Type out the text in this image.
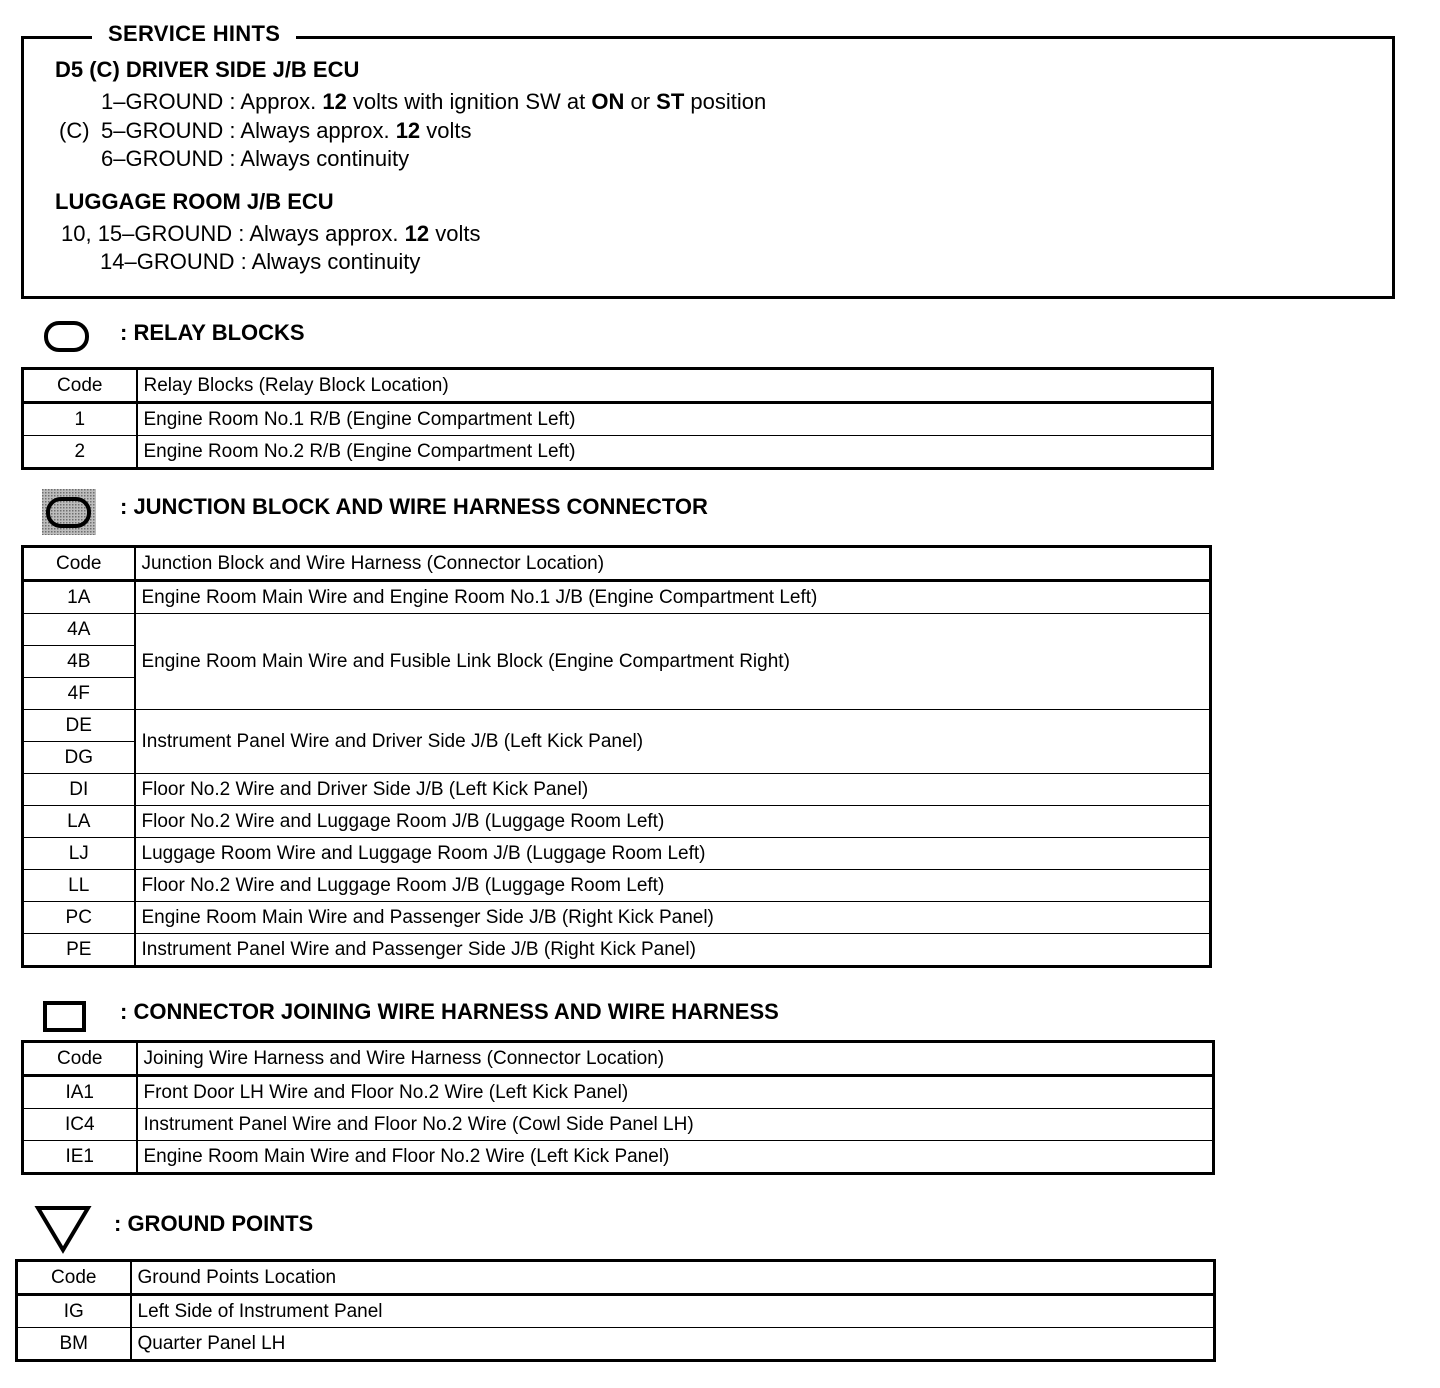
SERVICE HINTS
D5 (C) DRIVER SIDE J/B ECU
1–GROUND : Approx. 12 volts with ignition SW at ON or ST position
(C) 5–GROUND : Always approx. 12 volts
6–GROUND : Always continuity
LUGGAGE ROOM J/B ECU
10, 15–GROUND : Always approx. 12 volts
14–GROUND : Always continuity
: RELAY BLOCKS
Code	Relay Blocks (Relay Block Location)
1	Engine Room No.1 R/B (Engine Compartment Left)
2	Engine Room No.2 R/B (Engine Compartment Left)
: JUNCTION BLOCK AND WIRE HARNESS CONNECTOR
Code	Junction Block and Wire Harness (Connector Location)
1A	Engine Room Main Wire and Engine Room No.1 J/B (Engine Compartment Left)
4A	Engine Room Main Wire and Fusible Link Block (Engine Compartment Right)
4B	
4F	
DE	Instrument Panel Wire and Driver Side J/B (Left Kick Panel)
DG	
DI	Floor No.2 Wire and Driver Side J/B (Left Kick Panel)
LA	Floor No.2 Wire and Luggage Room J/B (Luggage Room Left)
LJ	Luggage Room Wire and Luggage Room J/B (Luggage Room Left)
LL	Floor No.2 Wire and Luggage Room J/B (Luggage Room Left)
PC	Engine Room Main Wire and Passenger Side J/B (Right Kick Panel)
PE	Instrument Panel Wire and Passenger Side J/B (Right Kick Panel)
: CONNECTOR JOINING WIRE HARNESS AND WIRE HARNESS
Code	Joining Wire Harness and Wire Harness (Connector Location)
IA1	Front Door LH Wire and Floor No.2 Wire (Left Kick Panel)
IC4	Instrument Panel Wire and Floor No.2 Wire (Cowl Side Panel LH)
IE1	Engine Room Main Wire and Floor No.2 Wire (Left Kick Panel)
: GROUND POINTS
Code	Ground Points Location
IG	Left Side of Instrument Panel
BM	Quarter Panel LH
